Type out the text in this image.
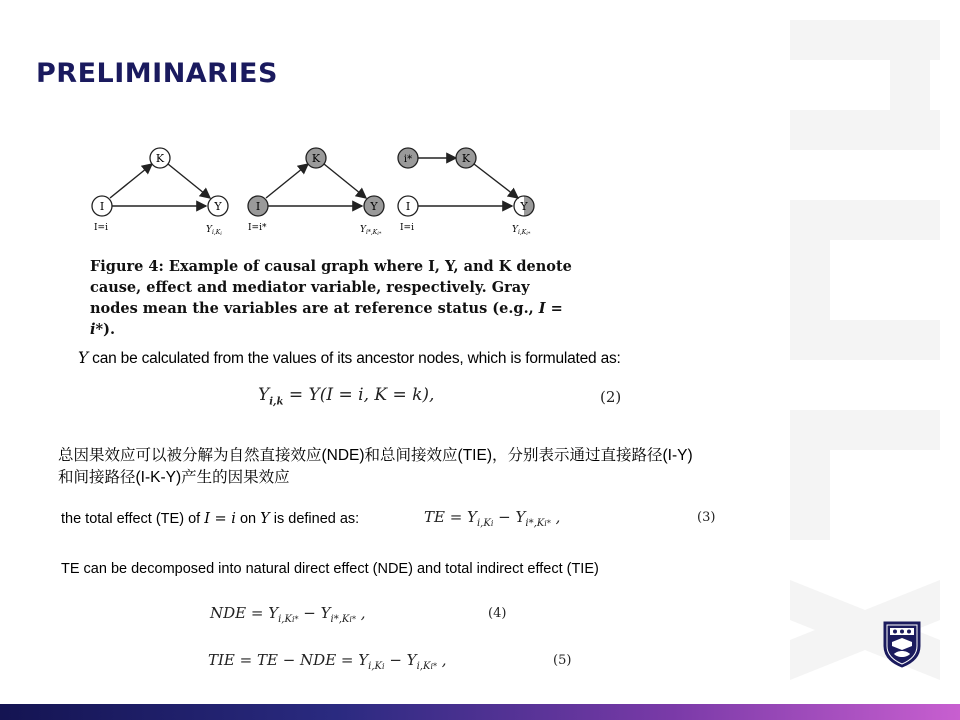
PRELIMINARIES
I
K
Y
I=i	$Y_{i,K}i$
I
K
Y
I=i*	$Y_{i*,K}i*$
i*	K
I	Y
I=i	$Y_{i,K}i*$
Figure 4: Example of causal graph where I, Y, and K denote cause, effect and mediator variable, respectively. Gray nodes mean the variables are at reference status (e.g., I = i*).
Y can be calculated from the values of its ancestor nodes, which is formulated as:
$Y_{i,k} = Y(I = i$, K = k),	(2)
总因果效应可以被分解为自然直接效应(NDE)和总间接效应(TIE)，分别表示通过直接路径(I-Y)和间接路径(I-K-Y)产生的因果效应
the total effect (TE) of I = i on Y is defined as:	TE = $Y_{i,Ki} - Y_{i*,Ki*}$ ,	(3)
TE can be decomposed into natural direct effect (NDE) and total indirect effect (TIE)
NDE = $Y_{i,Ki*} - Y_{i*,Ki*}$ ,	(4)
TIE = TE − NDE = $Y_{i,Ki} - Y_{i,Ki*}$ ,	(5)
